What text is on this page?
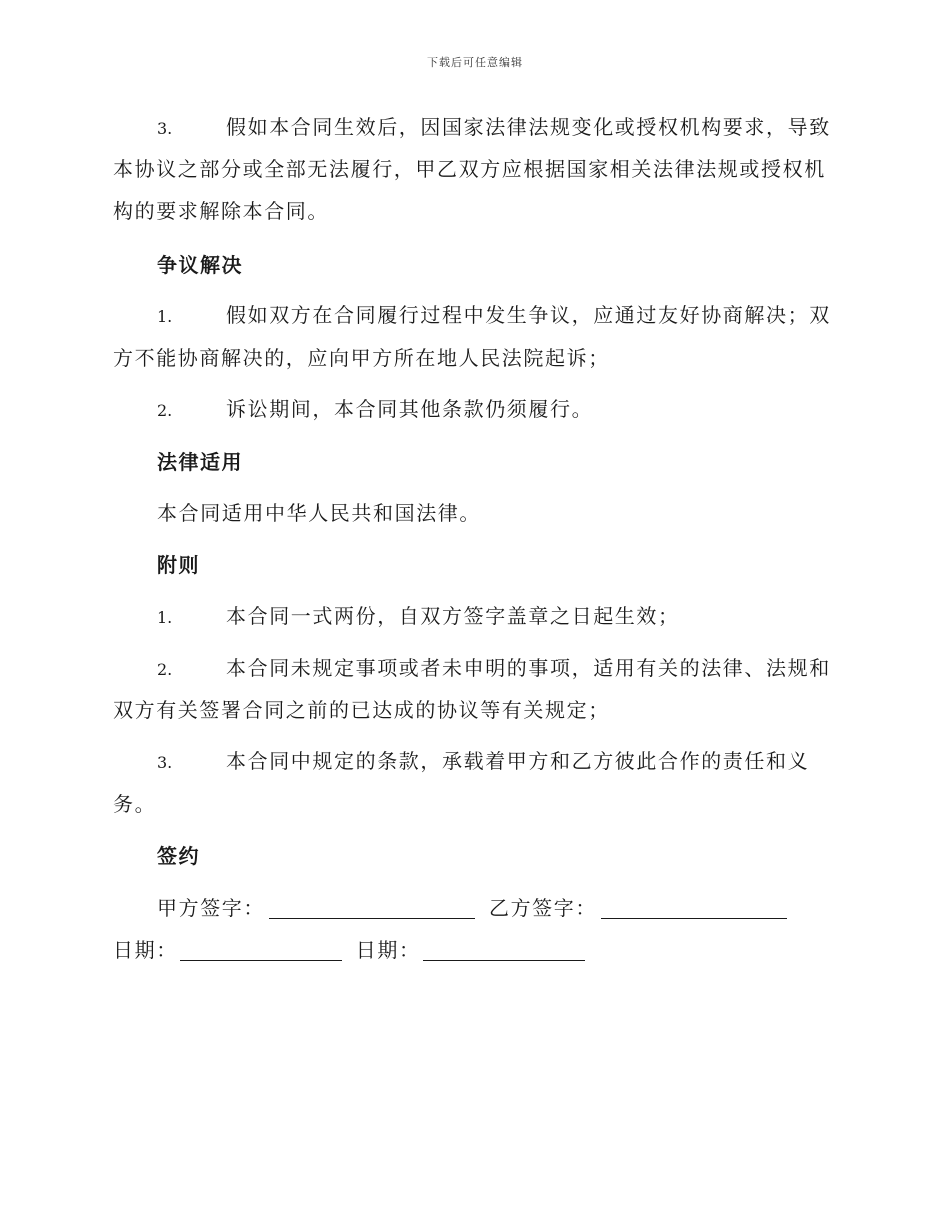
下载后可任意编辑
3.	假如本合同生效后，因国家法律法规变化或授权机构要求，导致
本协议之部分或全部无法履行，甲乙双方应根据国家相关法律法规或授权机
构的要求解除本合同。
争议解决
1.	假如双方在合同履行过程中发生争议，应通过友好协商解决；双
方不能协商解决的，应向甲方所在地人民法院起诉；
2.	诉讼期间，本合同其他条款仍须履行。
法律适用
本合同适用中华人民共和国法律。
附则
1.	本合同一式两份，自双方签字盖章之日起生效；
2.	本合同未规定事项或者未申明的事项，适用有关的法律、法规和
双方有关签署合同之前的已达成的协议等有关规定；
3.	本合同中规定的条款，承载着甲方和乙方彼此合作的责任和义
务。
签约
甲方签字：	乙方签字：
日期：	日期：
